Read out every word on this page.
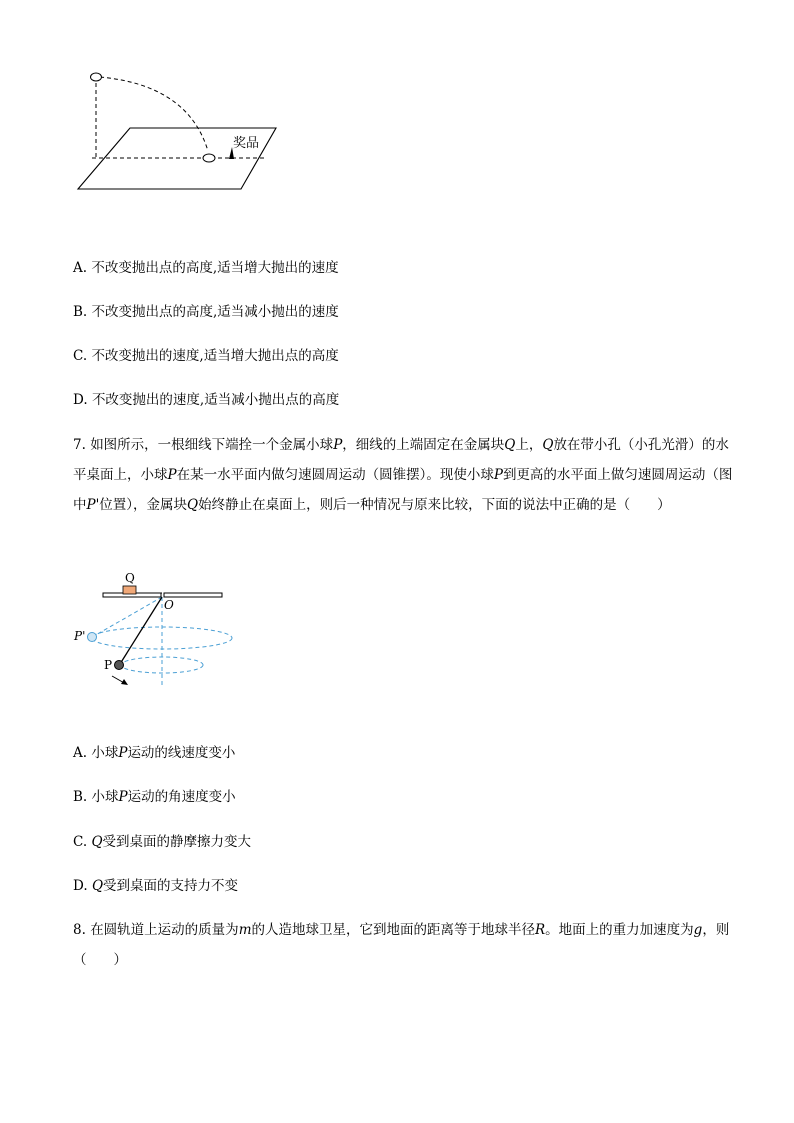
奖品
A. 不改变抛出点的高度,适当增大抛出的速度
B. 不改变抛出点的高度,适当减小抛出的速度
C. 不改变抛出的速度,适当增大抛出点的高度
D. 不改变抛出的速度,适当减小抛出点的高度
7. 如图所示，一根细线下端拴一个金属小球P，细线的上端固定在金属块Q上，Q放在带小孔（小孔光滑）的水平桌面上，小球P在某一水平面内做匀速圆周运动（圆锥摆）。现使小球P到更高的水平面上做匀速圆周运动（图中P'位置），金属块Q始终静止在桌面上，则后一种情况与原来比较，下面的说法中正确的是（　　）
Q
O
P'
P
A. 小球P运动的线速度变小
B. 小球P运动的角速度变小
C. Q受到桌面的静摩擦力变大
D. Q受到桌面的支持力不变
8. 在圆轨道上运动的质量为m的人造地球卫星，它到地面的距离等于地球半径R。地面上的重力加速度为g，则（　　）
